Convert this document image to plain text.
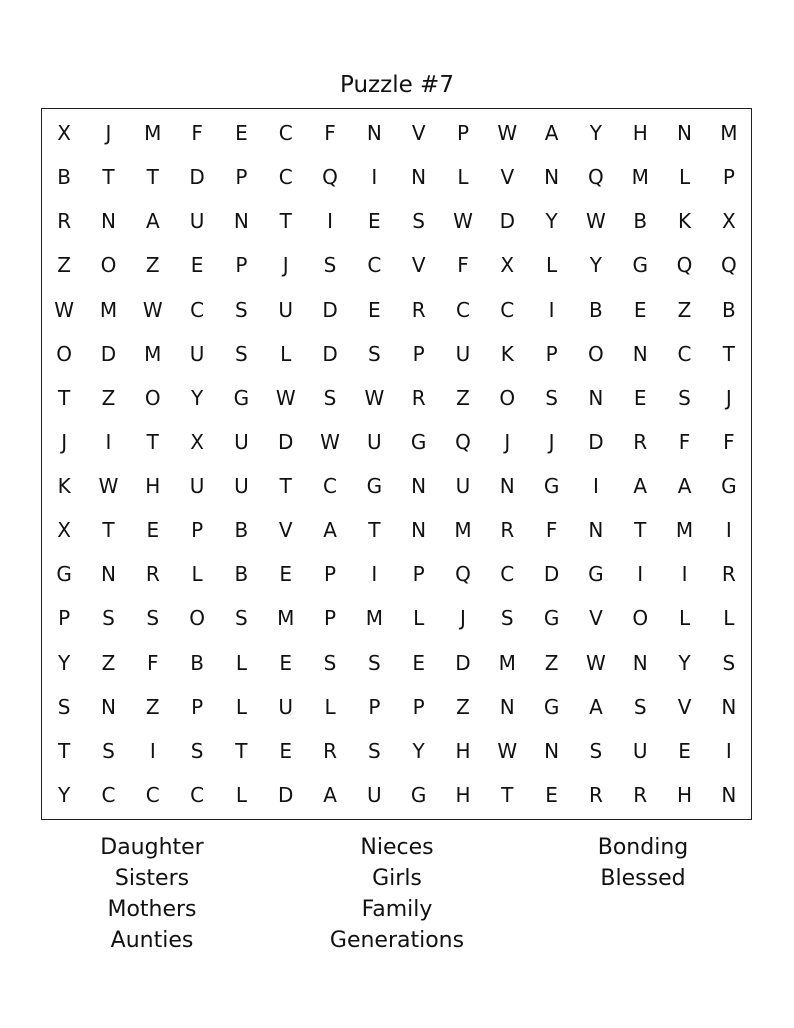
Puzzle #7
X	J	M	F	E	C	F	N	V	P	W	A	Y	H	N	M
B	T	T	D	P	C	Q	I	N	L	V	N	Q	M	L	P
R	N	A	U	N	T	I	E	S	W	D	Y	W	B	K	X
Z	O	Z	E	P	J	S	C	V	F	X	L	Y	G	Q	Q
W	M	W	C	S	U	D	E	R	C	C	I	B	E	Z	B
O	D	M	U	S	L	D	S	P	U	K	P	O	N	C	T
T	Z	O	Y	G	W	S	W	R	Z	O	S	N	E	S	J
J	I	T	X	U	D	W	U	G	Q	J	J	D	R	F	F
K	W	H	U	U	T	C	G	N	U	N	G	I	A	A	G
X	T	E	P	B	V	A	T	N	M	R	F	N	T	M	I
G	N	R	L	B	E	P	I	P	Q	C	D	G	I	I	R
P	S	S	O	S	M	P	M	L	J	S	G	V	O	L	L
Y	Z	F	B	L	E	S	S	E	D	M	Z	W	N	Y	S
S	N	Z	P	L	U	L	P	P	Z	N	G	A	S	V	N
T	S	I	S	T	E	R	S	Y	H	W	N	S	U	E	I
Y	C	C	C	L	D	A	U	G	H	T	E	R	R	H	N
Daughter
Sisters
Mothers
Aunties
Nieces
Girls
Family
Generations
Bonding
Blessed
